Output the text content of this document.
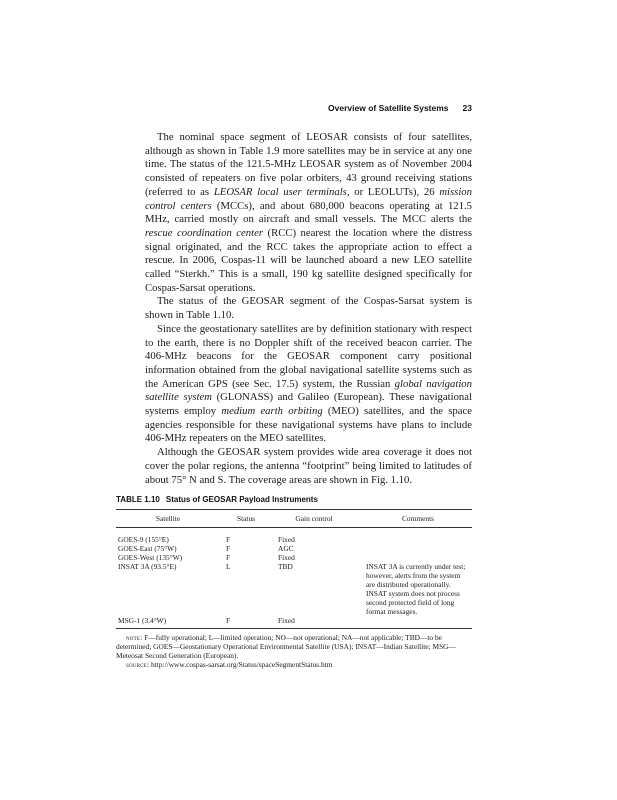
Overview of Satellite Systems 23

The nominal space segment of LEOSAR consists of four satellites, although as shown in Table 1.9 more satellites may be in service at any one time. The status of the 121.5-MHz LEOSAR system as of November 2004 consisted of repeaters on five polar orbiters, 43 ground receiving stations (referred to as LEOSAR local user terminals, or LEOLUTs), 26 mission control centers (MCCs), and about 680,000 beacons operating at 121.5 MHz, carried mostly on aircraft and small vessels. The MCC alerts the rescue coordination center (RCC) nearest the location where the distress signal originated, and the RCC takes the appropriate action to effect a rescue. In 2006, Cospas-11 will be launched aboard a new LEO satellite called “Sterkh.” This is a small, 190 kg satellite designed specifically for Cospas-Sarsat operations.

The status of the GEOSAR segment of the Cospas-Sarsat system is shown in Table 1.10.

Since the geostationary satellites are by definition stationary with respect to the earth, there is no Doppler shift of the received beacon carrier. The 406-MHz beacons for the GEOSAR component carry positional information obtained from the global navigational satellite systems such as the American GPS (see Sec. 17.5) system, the Russian global navigation satellite system (GLONASS) and Galileo (European). These navigational systems employ medium earth orbiting (MEO) satellites, and the space agencies responsible for these navigational systems have plans to include 406-MHz repeaters on the MEO satellites.

Although the GEOSAR system provides wide area coverage it does not cover the polar regions, the antenna “footprint” being limited to latitudes of about 75° N and S. The coverage areas are shown in Fig. 1.10.

TABLE 1.10 Status of GEOSAR Payload Instruments
Satellite	Status	Gain control	Comments
GOES-9 (155°E)	F	Fixed	
GOES-East (75°W)	F	AGC	
GOES-West (135°W)	F	Fixed	
INSAT 3A (93.5°E)	L	TBD	INSAT 3A is currently under test;
however, alerts from the system are distributed operationally. INSAT system does not process second protected field of long format messages.

MSG-1 (3.4°W)	F	Fixed	

note: F—fully operational; L—limited operation; NO—not operational; NA—not applicable; TBD—to be determined; GOES—Geostationary Operational Environmental Satellite (USA); INSAT—Indian Satellite; MSG—Meteosat Second Generation (European).

source: http://www.cospas-sarsat.org/Status/spaceSegmentStatus.htm
